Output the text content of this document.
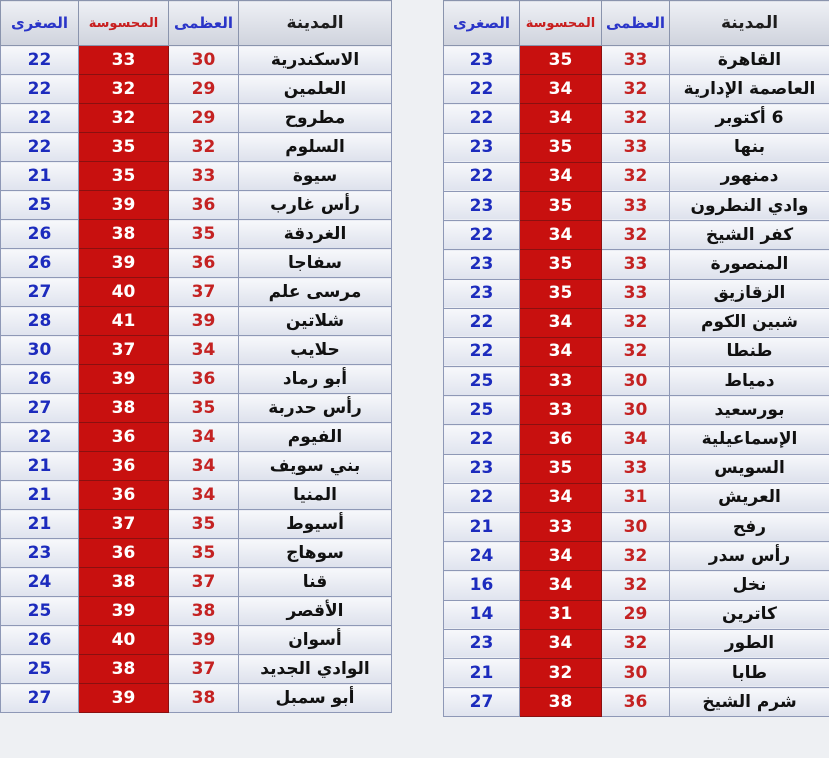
الصغرى	المحسوسة	العظمى	المدينة
22	33	30	الاسكندرية
22	32	29	العلمين
22	32	29	مطروح
22	35	32	السلوم
21	35	33	سيوة
25	39	36	رأس غارب
26	38	35	الغردقة
26	39	36	سفاجا
27	40	37	مرسى علم
28	41	39	شلاتين
30	37	34	حلايب
26	39	36	أبو رماد
27	38	35	رأس حدربة
22	36	34	الفيوم
21	36	34	بني سويف
21	36	34	المنيا
21	37	35	أسيوط
23	36	35	سوهاج
24	38	37	قنا
25	39	38	الأقصر
26	40	39	أسوان
25	38	37	الوادي الجديد
27	39	38	أبو سمبل
الصغرى	المحسوسة	العظمى	المدينة
23	35	33	القاهرة
22	34	32	العاصمة الإدارية
22	34	32	6 أكتوبر
23	35	33	بنها
22	34	32	دمنهور
23	35	33	وادي النطرون
22	34	32	كفر الشيخ
23	35	33	المنصورة
23	35	33	الزقازيق
22	34	32	شبين الكوم
22	34	32	طنطا
25	33	30	دمياط
25	33	30	بورسعيد
22	36	34	الإسماعيلية
23	35	33	السويس
22	34	31	العريش
21	33	30	رفح
24	34	32	رأس سدر
16	34	32	نخل
14	31	29	كاترين
23	34	32	الطور
21	32	30	طابا
27	38	36	شرم الشيخ
